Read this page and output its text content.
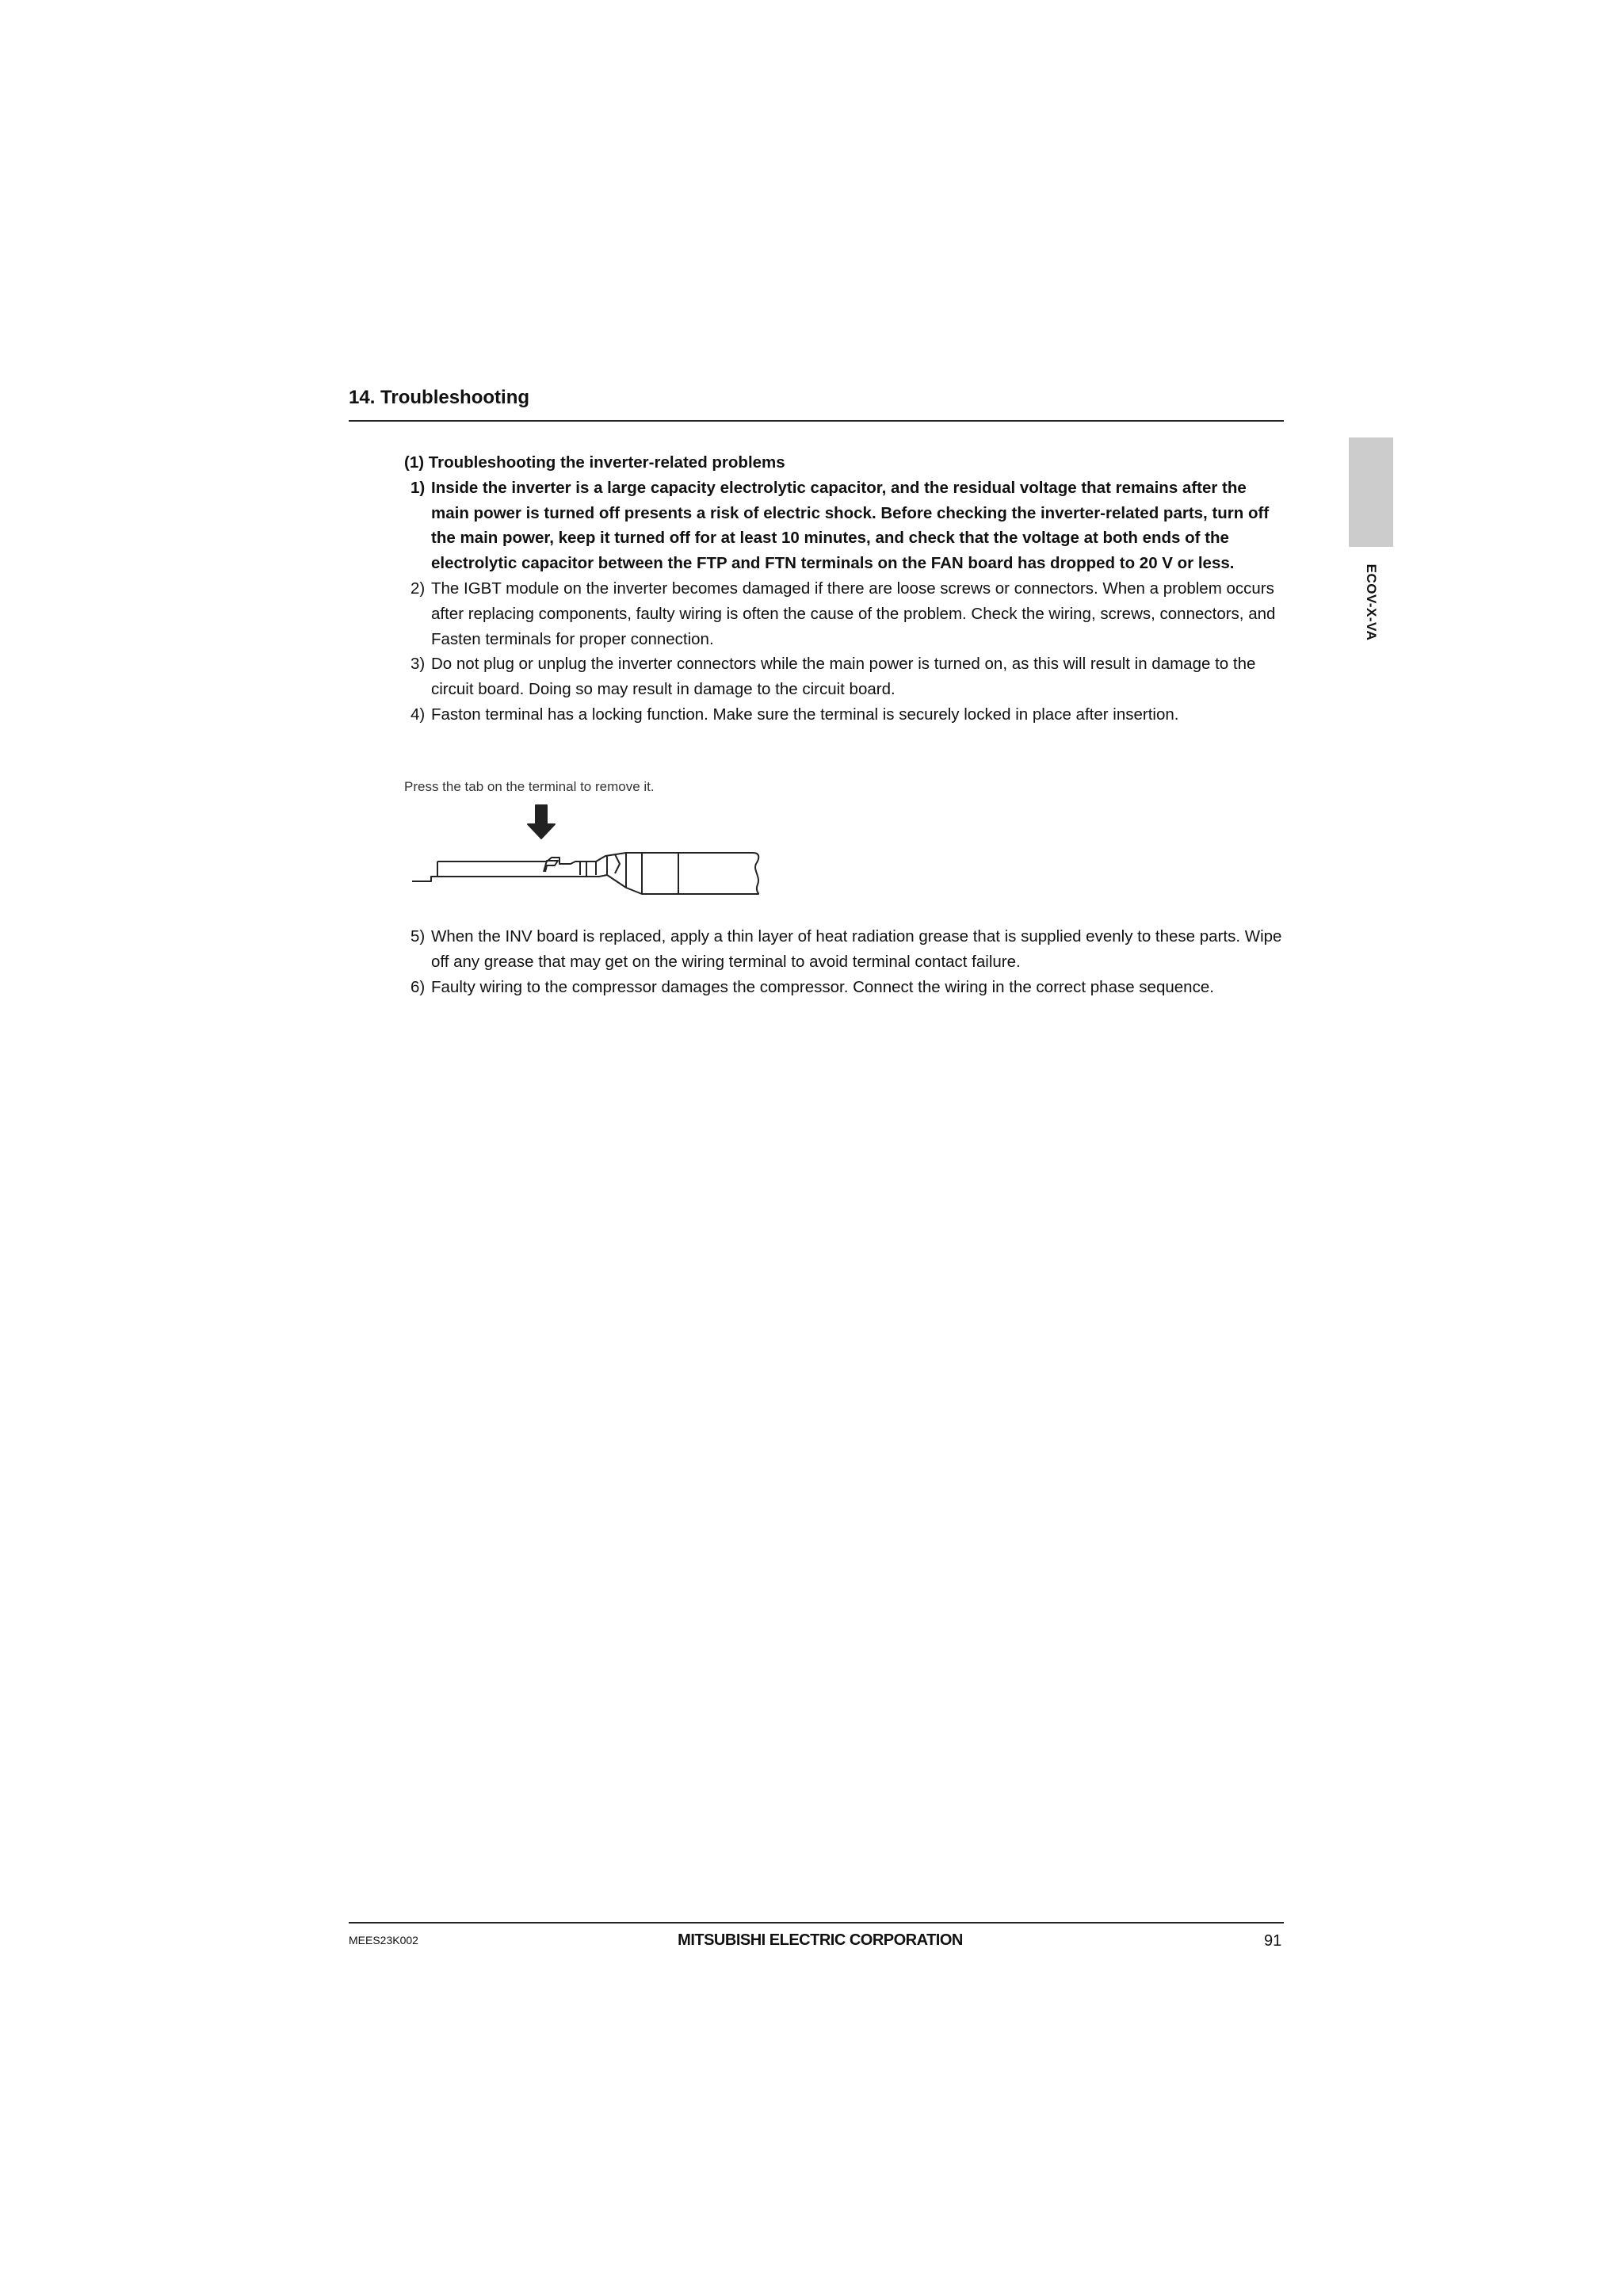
14. Troubleshooting
ECOV-X-VA

(1) Troubleshooting the inverter-related problems

1) Inside the inverter is a large capacity electrolytic capacitor, and the residual voltage that remains after the main power is turned off presents a risk of electric shock. Before checking the inverter-related parts, turn off the main power, keep it turned off for at least 10 minutes, and check that the voltage at both ends of the electrolytic capacitor between the FTP and FTN terminals on the FAN board has dropped to 20 V or less.

2) The IGBT module on the inverter becomes damaged if there are loose screws or connectors. When a problem occurs after replacing components, faulty wiring is often the cause of the problem. Check the wiring, screws, connectors, and Fasten terminals for proper connection.

3) Do not plug or unplug the inverter connectors while the main power is turned on, as this will result in damage to the circuit board. Doing so may result in damage to the circuit board.

4) Faston terminal has a locking function. Make sure the terminal is securely locked in place after insertion.

Press the tab on the terminal to remove it.

5) When the INV board is replaced, apply a thin layer of heat radiation grease that is supplied evenly to these parts. Wipe off any grease that may get on the wiring terminal to avoid terminal contact failure.

6) Faulty wiring to the compressor damages the compressor. Connect the wiring in the correct phase sequence.

MEES23K002	MITSUBISHI ELECTRIC CORPORATION	91
